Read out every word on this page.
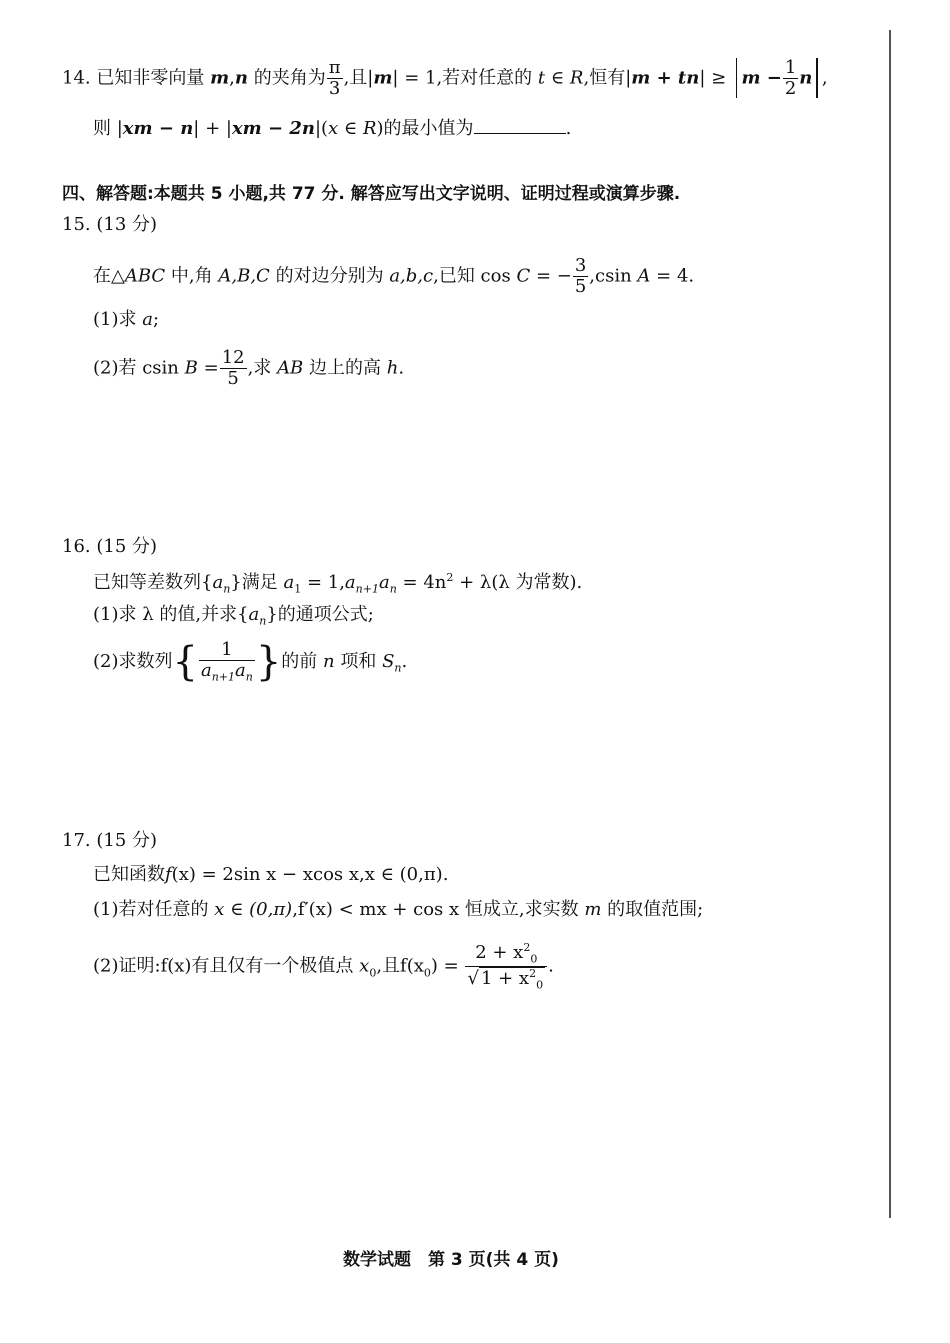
14. 已知非零向量 m,n 的夹角为 $\frac{\pi}{3}$ ,且|m| = 1,若对任意的 t ∈ R,恒有$|m + tn| \ge m - \frac{1}{2}$ n ,
则 |xm − n| + |xm − 2n|(x ∈ R)的最小值为	.
四、解答题:本题共 5 小题,共 77 分. 解答应写出文字说明、证明过程或演算步骤.
15. (13 分)
在△ABC 中,角 A,B,C 的对边分别为 a,b,c,已知 cos C = − $\frac{3}{5} ,csin$ A = 4.
(1)求 a;
(2)若 csin $B = \frac{12}{5}$ ,求 AB 边上的高 h.
16. (15 分)
已知等差数列$\{a_n\}$满足 $a_1 = 1,a_{n+1}a_n = 4n^2 + \lambda(\lambda$ 为常数).
(1)求 λ 的值,并求$\{a_n\}$的通项公式;
(2)求数列{ $\frac{1}{a_{n+1}a_n}$ }的前 n 项和 $S_n$.
17. (15 分)
已知函数f(x) = 2sin x − xcos x,x ∈ (0,π).
(1)若对任意的 x ∈ (0,π),f′(x) < mx + cos x 恒成立,求实数 m 的取值范围;
(2)证明:f(x)有且仅有一个极值点 $x_0$,且$f(x_0) = \frac{2 + x^2_0}{√ 1 + x^2_0}$ .
数学试题　第 3 页(共 4 页)
